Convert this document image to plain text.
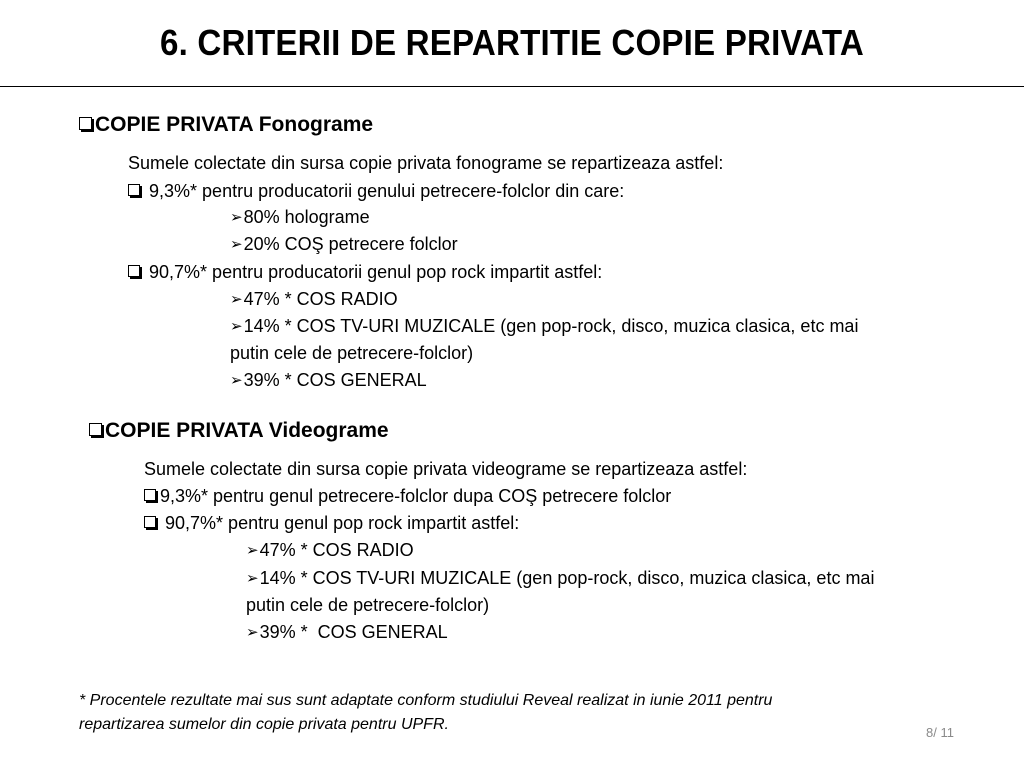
6. CRITERII DE REPARTITIE COPIE PRIVATA
COPIE PRIVATA Fonograme
Sumele colectate din sursa copie privata fonograme se repartizeaza astfel:
9,3%* pentru producatorii genului petrecere-folclor din care:
➢80% holograme
➢20% COŞ petrecere folclor
90,7%* pentru producatorii genul pop rock impartit astfel:
➢47% * COS RADIO
➢14% * COS TV-URI MUZICALE (gen pop-rock, disco, muzica clasica, etc mai
putin cele de petrecere-folclor)
➢39% * COS GENERAL
COPIE PRIVATA Videograme
Sumele colectate din sursa copie privata videograme se repartizeaza astfel:
9,3%* pentru genul petrecere-folclor dupa COŞ petrecere folclor
90,7%* pentru genul pop rock impartit astfel:
➢47% * COS RADIO
➢14% * COS TV-URI MUZICALE (gen pop-rock, disco, muzica clasica, etc mai
putin cele de petrecere-folclor)
➢39% *  COS GENERAL
* Procentele rezultate mai sus sunt adaptate conform studiului Reveal realizat in iunie 2011 pentru
repartizarea sumelor din copie privata pentru UPFR.	8/ 11
